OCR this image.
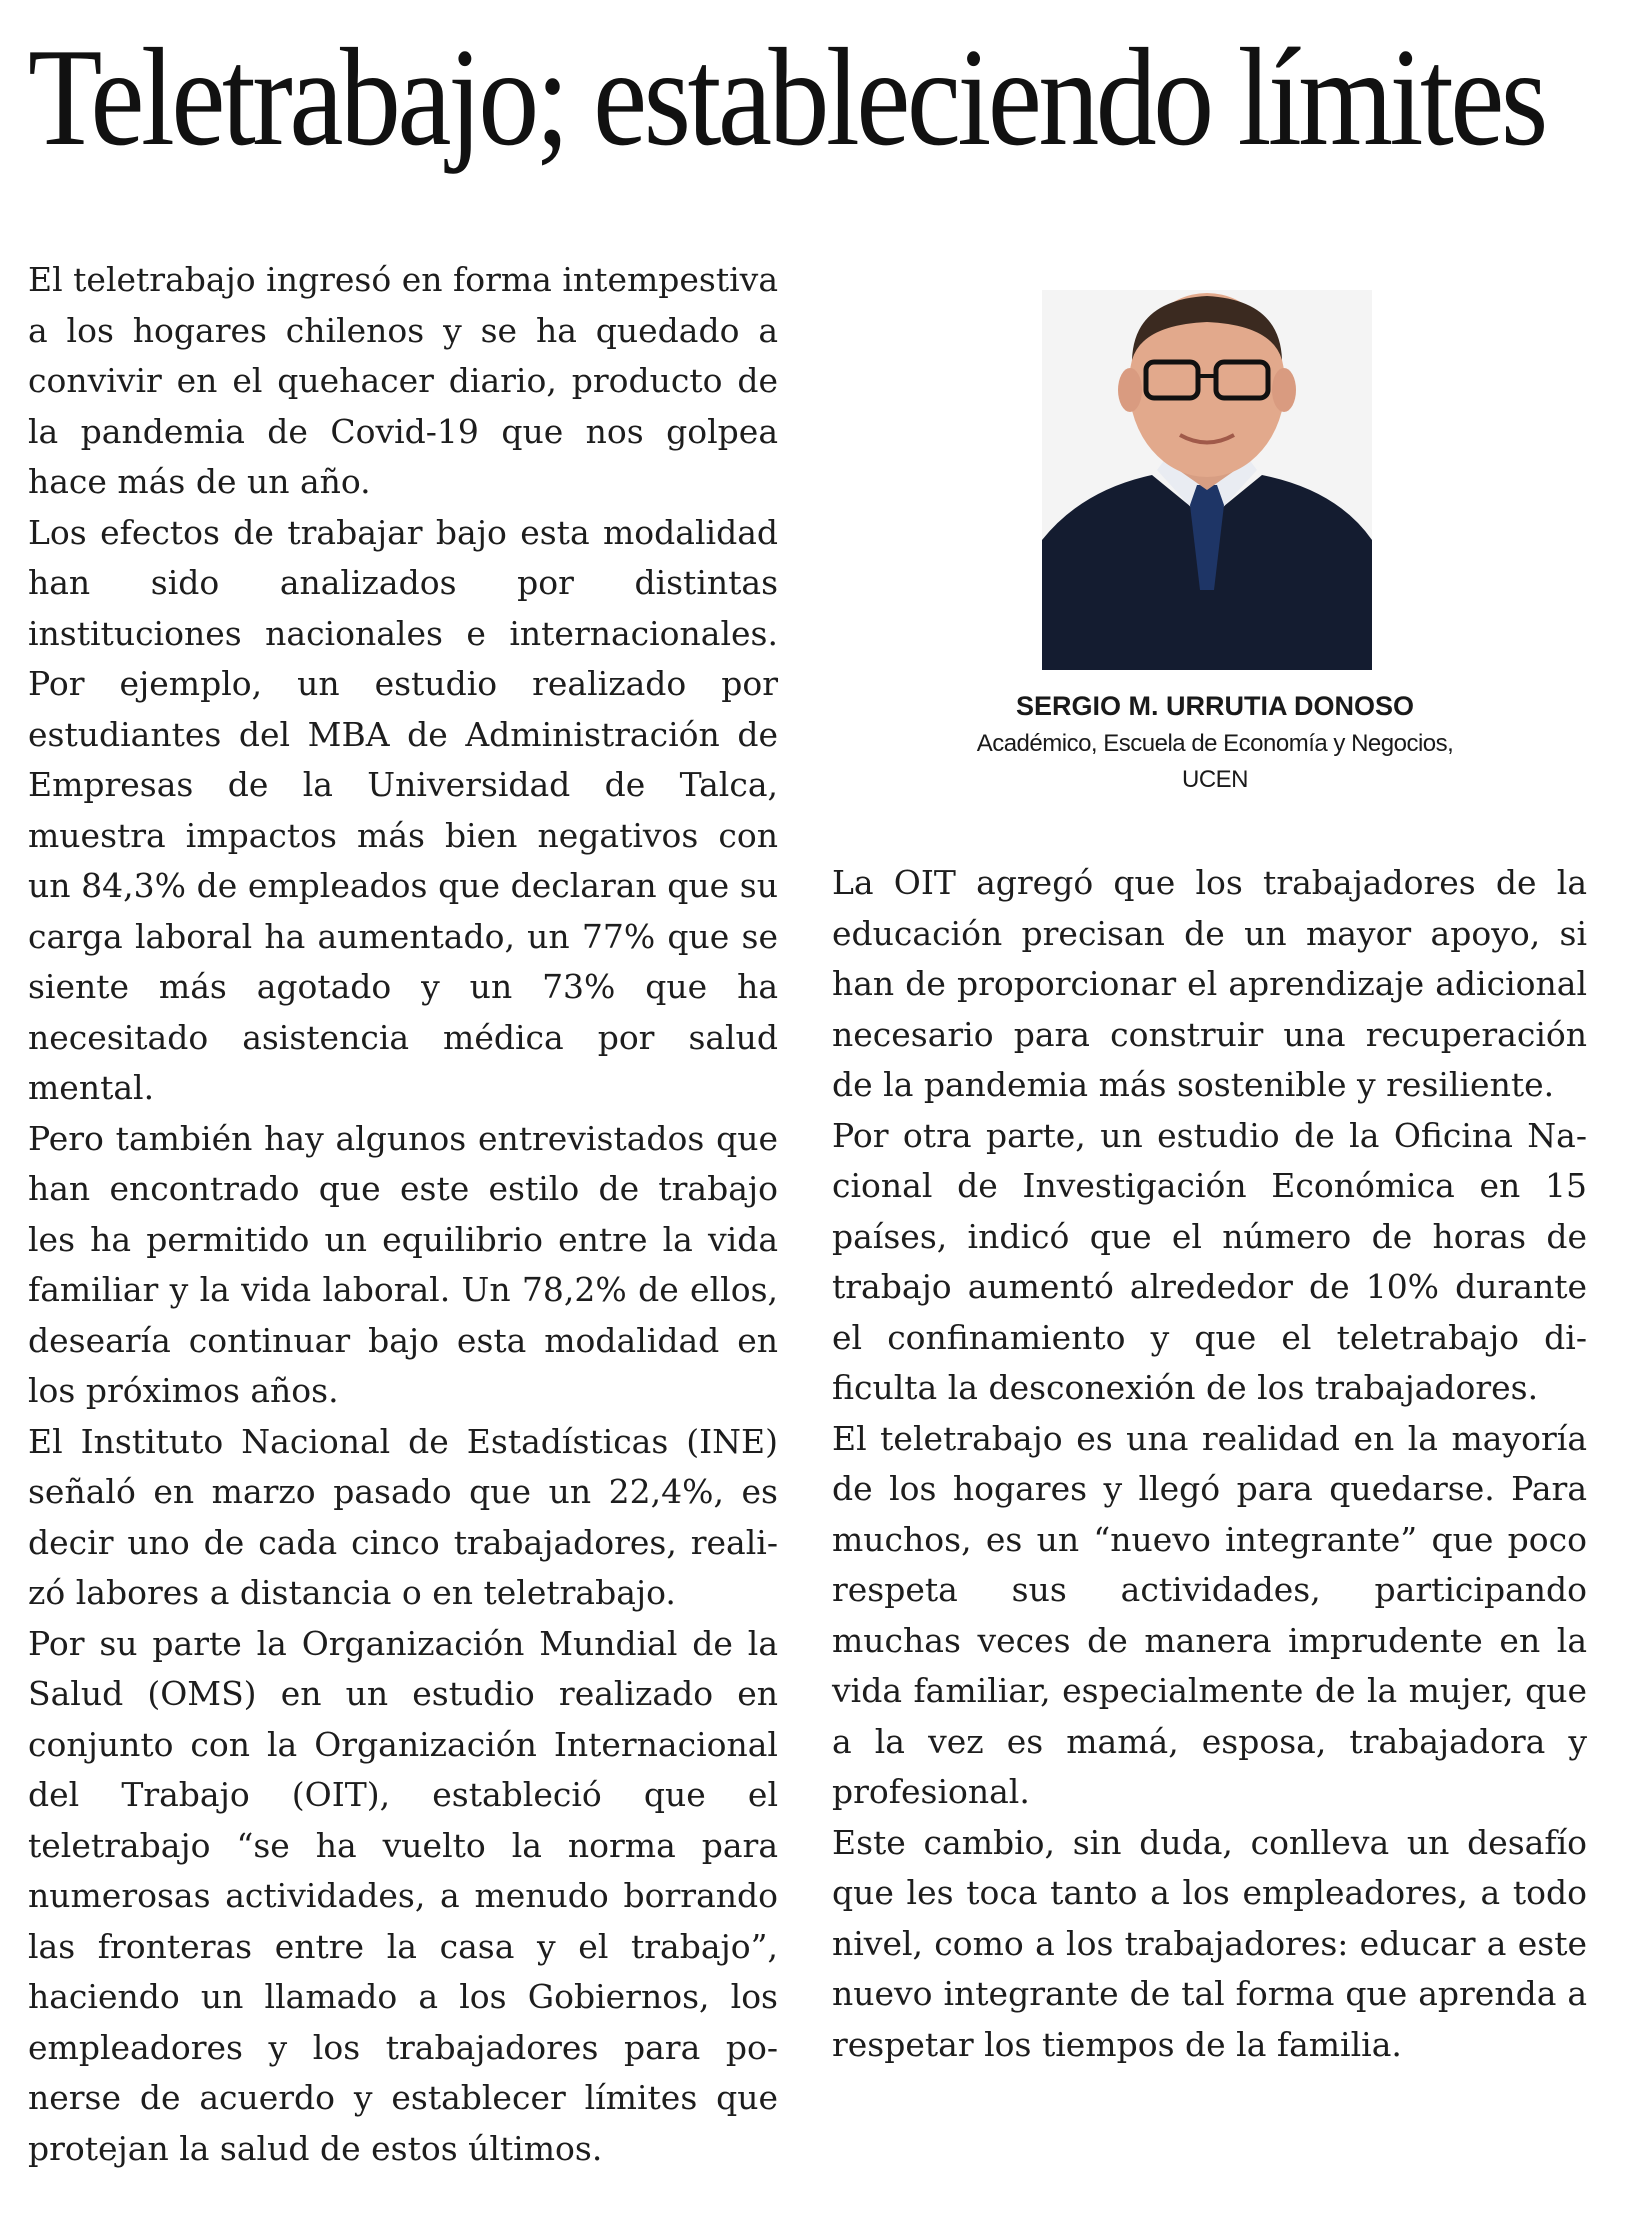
Teletrabajo; estableciendo límites

El teletrabajo ingresó en forma intempestiva a los hogares chilenos y se ha quedado a convivir en el quehacer diario, producto de la pandemia de Covid-19 que nos golpea hace más de un año.

Los efectos de trabajar bajo esta modalidad han sido analizados por distintas instituciones nacionales e internacionales. Por ejemplo, un estudio realizado por estudiantes del MBA de Administración de Empresas de la Universidad de Talca, muestra impactos más bien negativos con un 84,3% de empleados que declaran que su carga laboral ha aumentado, un 77% que se siente más agotado y un 73% que ha necesitado asistencia médica por salud mental.

Pero también hay algunos entrevistados que han encontrado que este estilo de trabajo les ha permitido un equilibrio entre la vida familiar y la vida laboral. Un 78,2% de ellos, desearía continuar bajo esta modalidad en los próximos años.

El Instituto Nacional de Estadísticas (INE) señaló en marzo pasado que un 22,4%, es decir uno de cada cinco trabajadores, realizó labores a distancia o en teletrabajo.

Por su parte la Organización Mundial de la Salud (OMS) en un estudio realizado en conjunto con la Organización Internacional del Trabajo (OIT), estableció que el teletrabajo “se ha vuelto la norma para numerosas actividades, a menudo borrando las fronteras entre la casa y el trabajo”, haciendo un llamado a los Gobiernos, los empleadores y los trabajadores para ponerse de acuerdo y establecer límites que protejan la salud de estos últimos.

SERGIO M. URRUTIA DONOSO
Académico, Escuela de Economía y Negocios,
UCEN

La OIT agregó que los trabajadores de la educación precisan de un mayor apoyo, si han de proporcionar el aprendizaje adicional necesario para construir una recuperación de la pandemia más sostenible y resiliente.

Por otra parte, un estudio de la Oficina Nacional de Investigación Económica en 15 países, indicó que el número de horas de trabajo aumentó alrededor de 10% durante el confinamiento y que el teletrabajo dificulta la desconexión de los trabajadores.

El teletrabajo es una realidad en la mayoría de los hogares y llegó para quedarse. Para muchos, es un “nuevo integrante” que poco respeta sus actividades, participando muchas veces de manera imprudente en la vida familiar, especialmente de la mujer, que a la vez es mamá, esposa, trabajadora y profesional.

Este cambio, sin duda, conlleva un desafío que les toca tanto a los empleadores, a todo nivel, como a los trabajadores: educar a este nuevo integrante de tal forma que aprenda a respetar los tiempos de la familia.
